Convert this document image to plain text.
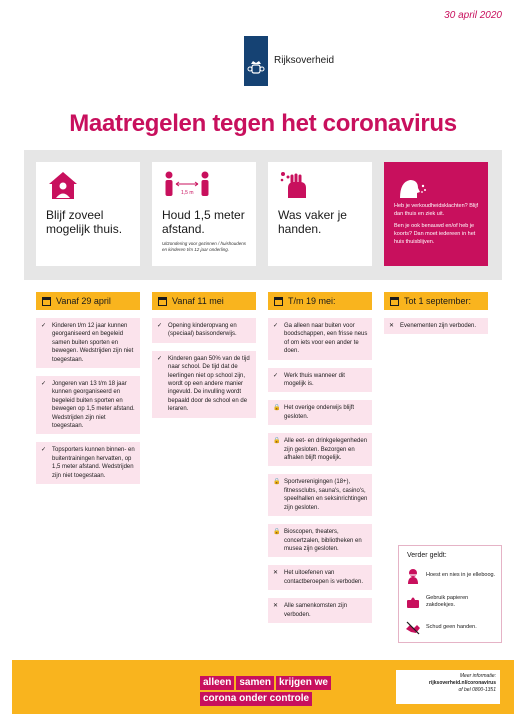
30 april 2020
Rijksoverheid
Maatregelen tegen het coronavirus
Blijf zoveel mogelijk thuis.
1,5 m
Houd 1,5 meter afstand.
Uitzondering voor gezinnen / huishoudens en kinderen t/m 12 jaar onderling.
Was vaker je handen.

Heb je verkoudheidsklachten? Blijf dan thuis en ziek uit.

Ben je ook benauwd en/of heb je koorts? Dan moet iedereen in het huis thuisblijven.

Vanaf 29 april
✓ Kinderen t/m 12 jaar kunnen georganiseerd en begeleid samen buiten sporten en bewegen. Wedstrijden zijn niet toegestaan.
✓ Jongeren van 13 t/m 18 jaar kunnen georganiseerd en begeleid buiten sporten en bewegen op 1,5 meter afstand. Wedstrijden zijn niet toegestaan.
✓ Topsporters kunnen binnen- en buitentrainingen hervatten, op 1,5 meter afstand. Wedstrijden zijn niet toegestaan.
Vanaf 11 mei
✓ Opening kinderopvang en (speciaal) basisonderwijs.
✓ Kinderen gaan 50% van de tijd naar school. De tijd dat de leerlingen niet op school zijn, wordt op een andere manier ingevuld. De invulling wordt bepaald door de school en de leraren.
T/m 19 mei:
✓ Ga alleen naar buiten voor boodschappen, een frisse neus of om iets voor een ander te doen.
✓ Werk thuis wanneer dit mogelijk is.
🔒 Het overige onderwijs blijft gesloten.
🔒 Alle eet- en drinkgelegenheden zijn gesloten. Bezorgen en afhalen blijft mogelijk.
🔒 Sportverenigingen (18+), fitnessclubs, sauna's, casino's, speelhallen en seksinrichtingen zijn gesloten.
🔒 Bioscopen, theaters, concertzalen, bibliotheken en musea zijn gesloten.
✕ Het uitoefenen van contactberoepen is verboden.
✕ Alle samenkomsten zijn verboden.
Tot 1 september:
✕ Evenementen zijn verboden.
Verder geldt:
Hoest en nies in je elleboog.
Gebruik papieren zakdoekjes.
Schud geen handen.
alleen samen krijgen we
corona onder controle
Meer informatie:
rijksoverheid.nl/coronavirus
of bel 0800-1351
